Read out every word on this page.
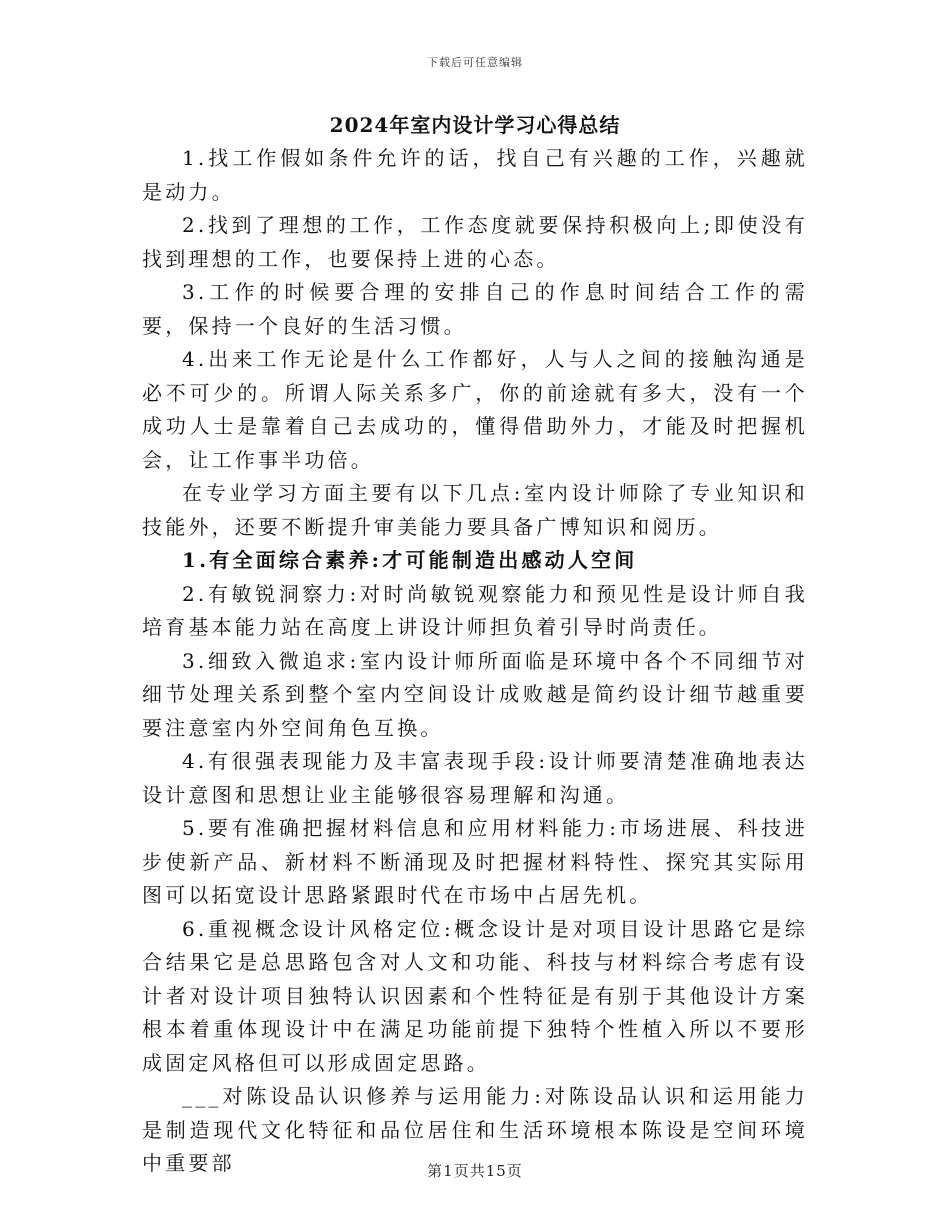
下载后可任意编辑
2024年室内设计学习心得总结

1.找工作假如条件允许的话，找自己有兴趣的工作，兴趣就是动力。

2.找到了理想的工作，工作态度就要保持积极向上;即使没有找到理想的工作，也要保持上进的心态。

3.工作的时候要合理的安排自己的作息时间结合工作的需要，保持一个良好的生活习惯。

4.出来工作无论是什么工作都好，人与人之间的接触沟通是必不可少的。所谓人际关系多广，你的前途就有多大，没有一个成功人士是靠着自己去成功的，懂得借助外力，才能及时把握机会，让工作事半功倍。

在专业学习方面主要有以下几点:室内设计师除了专业知识和技能外，还要不断提升审美能力要具备广博知识和阅历。

1.有全面综合素养:才可能制造出感动人空间

2.有敏锐洞察力:对时尚敏锐观察能力和预见性是设计师自我培育基本能力站在高度上讲设计师担负着引导时尚责任。

3.细致入微追求:室内设计师所面临是环境中各个不同细节对细节处理关系到整个室内空间设计成败越是简约设计细节越重要要注意室内外空间角色互换。

4.有很强表现能力及丰富表现手段:设计师要清楚准确地表达设计意图和思想让业主能够很容易理解和沟通。

5.要有准确把握材料信息和应用材料能力:市场进展、科技进步使新产品、新材料不断涌现及时把握材料特性、探究其实际用图可以拓宽设计思路紧跟时代在市场中占居先机。

6.重视概念设计风格定位:概念设计是对项目设计思路它是综合结果它是总思路包含对人文和功能、科技与材料综合考虑有设计者对设计项目独特认识因素和个性特征是有别于其他设计方案根本着重体现设计中在满足功能前提下独特个性植入所以不要形成固定风格但可以形成固定思路。

___对陈设品认识修养与运用能力:对陈设品认识和运用能力是制造现代文化特征和品位居住和生活环境根本陈设是空间环境中重要部	第1页共15页
